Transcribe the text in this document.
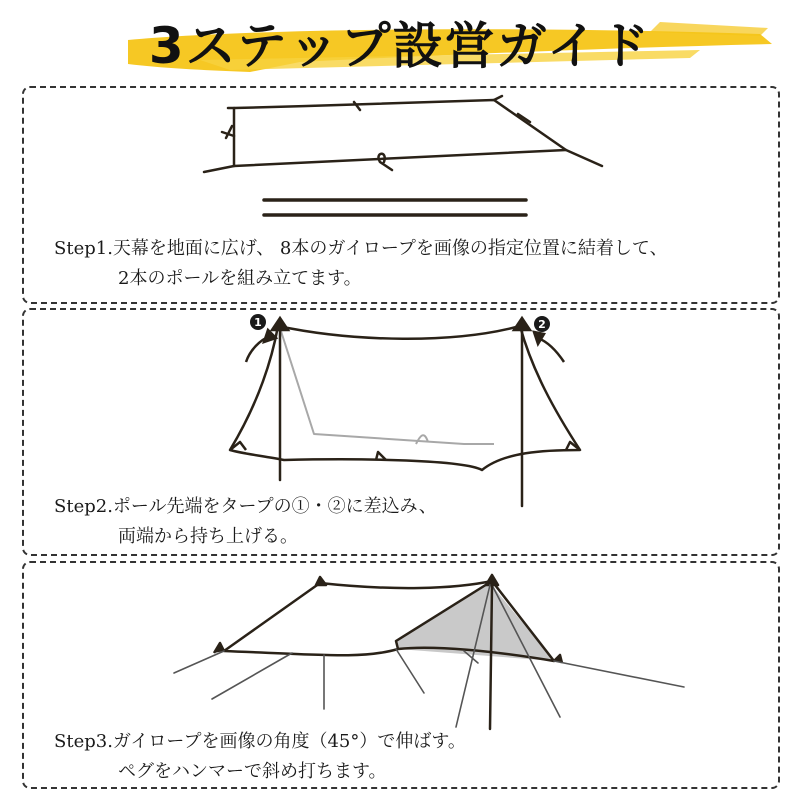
3ステップ設営ガイド
Step1.天幕を地面に広げ、 8本のガイロープを画像の指定位置に結着して、
2本のポールを組み立てます。
1	2
Step2.ポール先端をタープの①・②に差込み、
両端から持ち上げる。
Step3.ガイロープを画像の角度（45°）で伸ばす。
ペグをハンマーで斜め打ちます。
